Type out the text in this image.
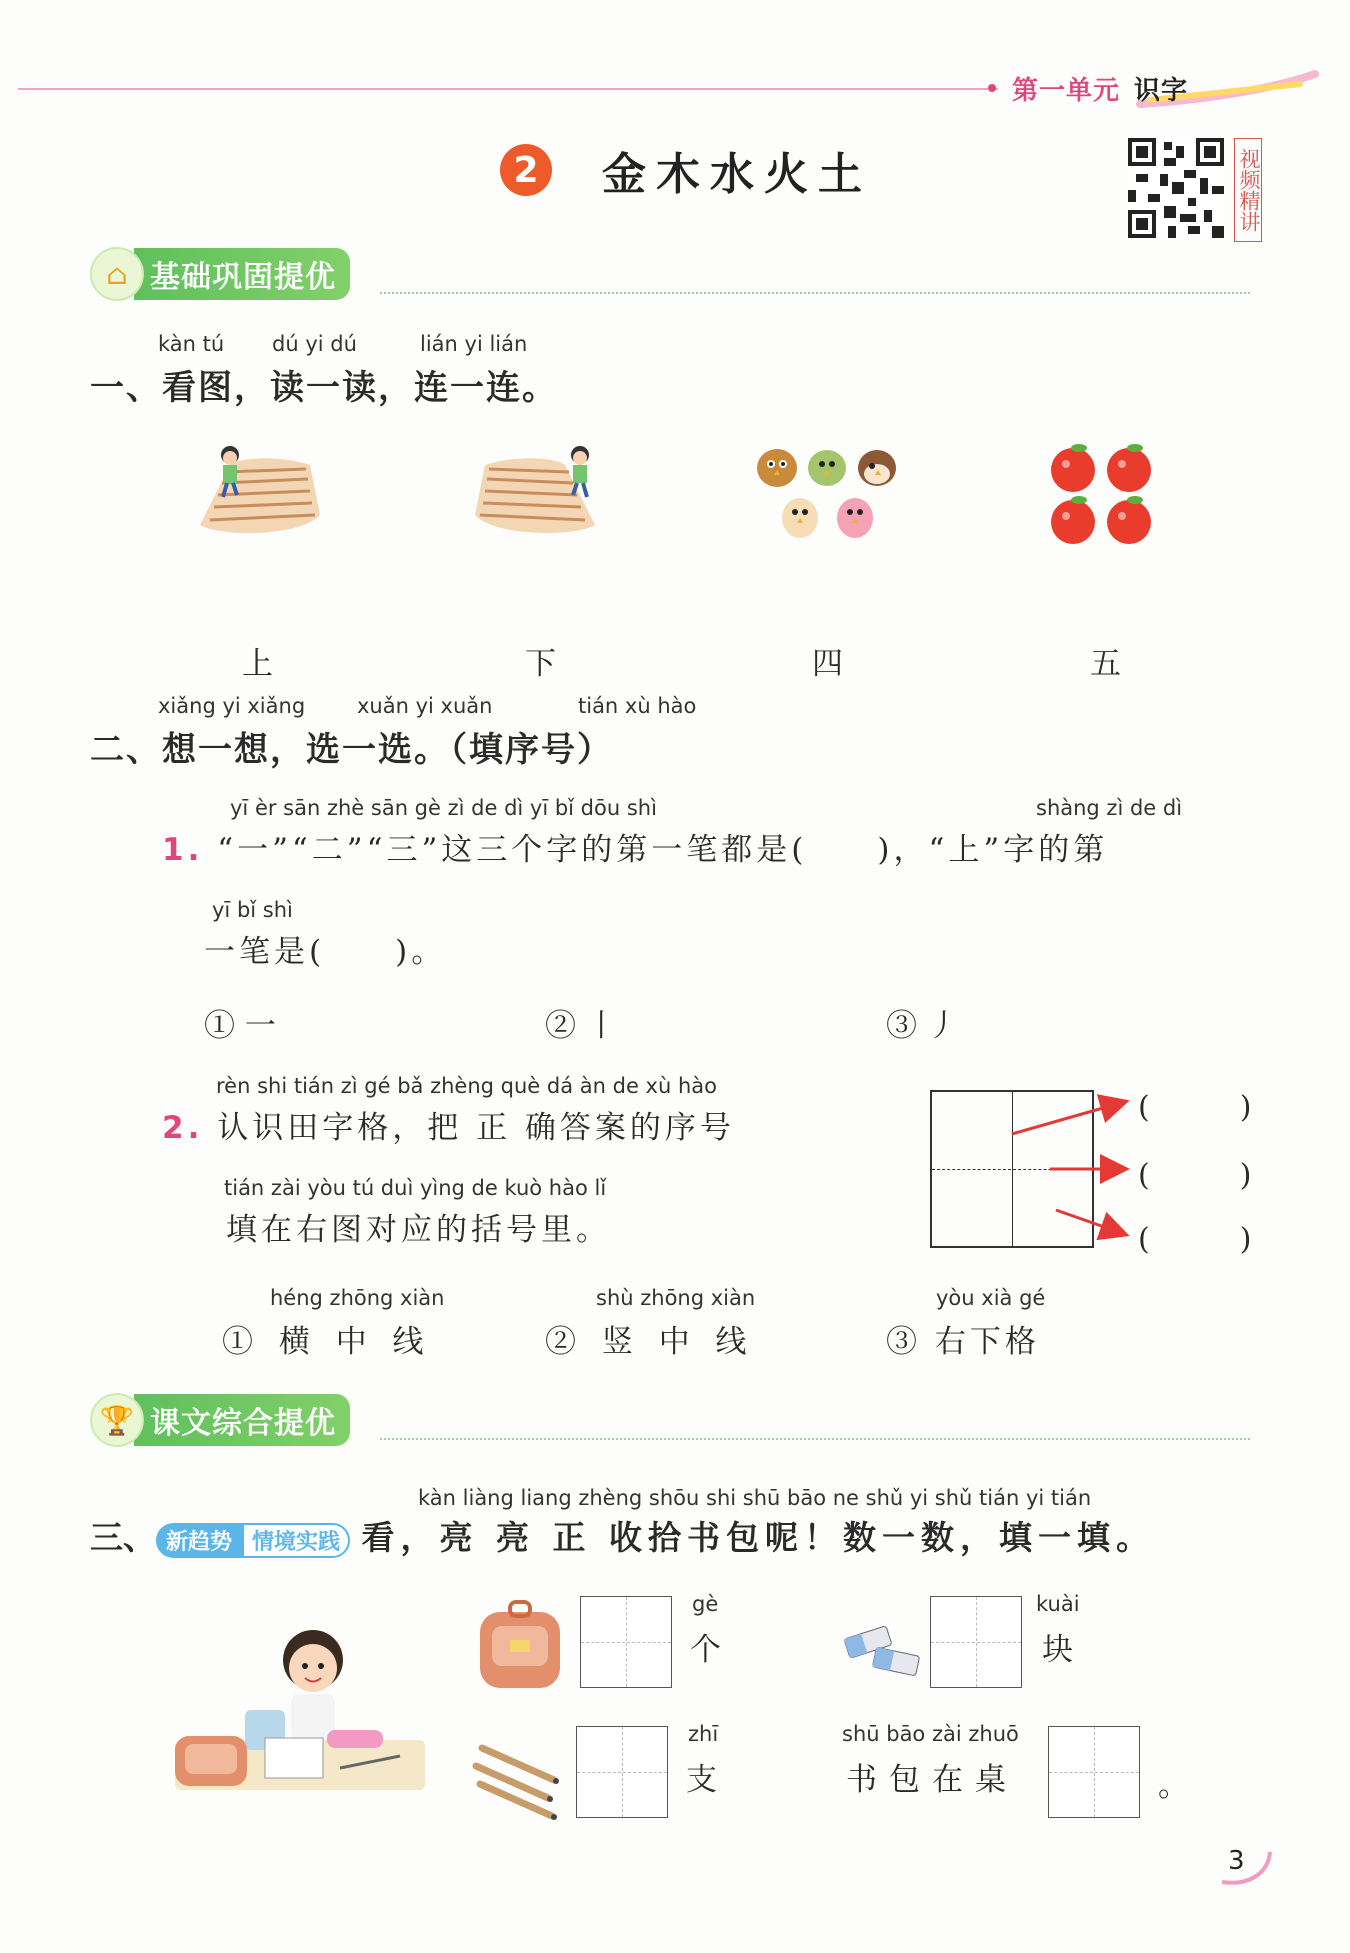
第一单元 识字
2	金木水火土	视频精讲
⌂ 基础巩固提优
kàn tú dú yi dú	lián yi lián
一、看图，读一读，连一连。
上	下	四	五
xiǎng yi xiǎng xuǎn yi xuǎn	tián xù hào
二、想一想，选一选。（填序号）
yī èr sān zhè sān gè zì de dì yī bǐ dōu shì	shàng zì de dì
1. “一”“二”“三”这三个字的第一笔都是(　　)，“上”字的第
yī bǐ shì
一笔是(　　)。
① 一	② 丨	③ 丿
rèn shi tián zì gé bǎ zhèng què dá àn de xù hào
2. 认识田字格，把 正 确答案的序号
tián zài yòu tú duì yìng de kuò hào lǐ
填在右图对应的括号里。
(　　　)
(　　　)
(　　　)
héng zhōng xiàn
① 横 中 线
shù zhōng xiàn
② 竖 中 线
yòu xià gé
③ 右下格
🏆 课文综合提优
kàn liàng liang zhèng shōu shi shū bāo ne shǔ yi shǔ tián yi tián
三、 新趋势 情境实践 看，亮 亮 正 收拾书包呢！数一数，填一填。
gè
个
kuài
块
zhī
支
shū bāo zài zhuō
书包在桌	。
3
